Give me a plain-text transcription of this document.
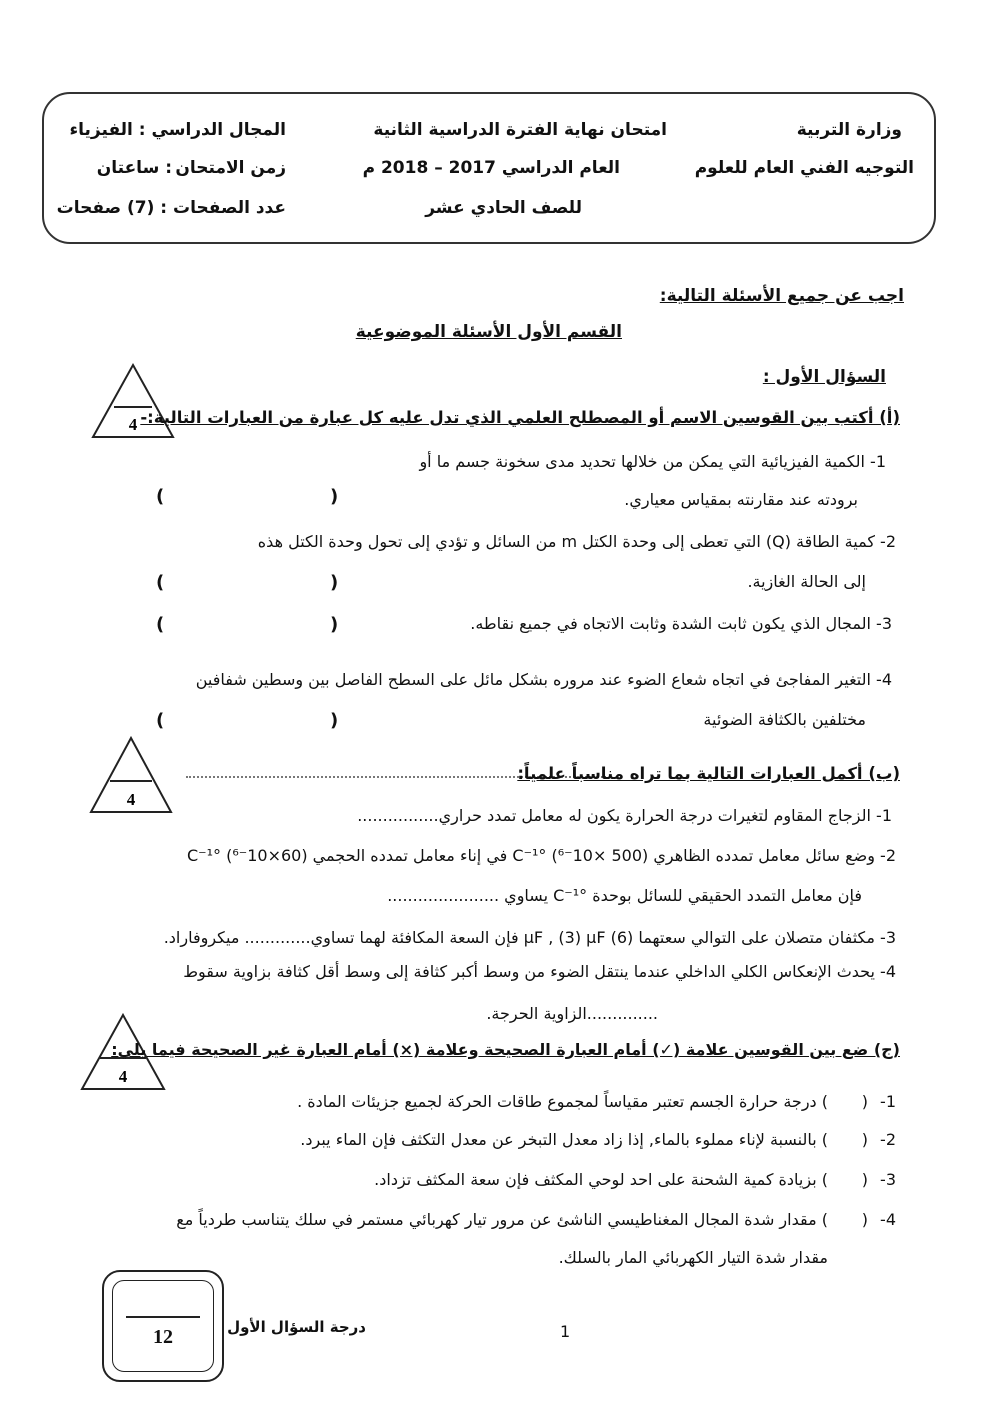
وزارة التربية
التوجيه الفني العام للعلوم
امتحان نهاية الفترة الدراسية الثانية
العام الدراسي 2017 – 2018 م
للصف الحادي عشر
المجال الدراسي : الفيزياء
زمن الامتحان
: ساعتان
عدد الصفحات : (7) صفحات
اجب عن جميع الأسئلة التالية:
القسم الأول الأسئلة الموضوعية
السؤال الأول :
4 (أ) أكتب بين القوسين الاسم أو المصطلح العلمي الذي تدل عليه كل عبارة من العبارات التالية:-
1- الكمية الفيزيائية التي يمكن من خلالها تحديد مدى سخونة جسم ما أو
برودته عند مقارنته بمقياس معياري.
)	(
2- كمية الطاقة (Q) التي تعطى إلى وحدة الكتل m من السائل و تؤدي إلى تحول وحدة الكتل هذه
إلى الحالة الغازية.
)	(
3- المجال الذي يكون ثابت الشدة وثابت الاتجاه في جميع نقاطه.
)	(
4- التغير المفاجئ في اتجاه شعاع الضوء عند مروره بشكل مائل على السطح الفاصل بين وسطين شفافين
مختلفين بالكثافة الضوئية
)	(
4
(ب) أكمل العبارات التالية بما تراه مناسباً علمياً:
1- الزجاج المقاوم لتغيرات درجة الحرارة يكون له معامل تمدد حراري................
2- وضع سائل معامل تمدده الظاهري (500 ×10⁻⁶) °C⁻¹ في إناء معامل تمدده الحجمي (60×10⁻⁶) °C⁻¹
فإن معامل التمدد الحقيقي للسائل بوحدة °C⁻¹ يساوي ......................
3- مكثفان متصلان على التوالي سعتهما (6) µF , (3) µF فإن السعة المكافئة لهما تساوي............. ميكروفاراد.
4- يحدث الإنعكاس الكلي الداخلي عندما ينتقل الضوء من وسط أكبر كثافة إلى وسط أقل كثافة بزاوية سقوط
..............الزاوية الحرجة.
4
(ج) ضع بين القوسين علامة (✓) أمام العبارة الصحيحة وعلامة (×) أمام العبارة غير الصحيحة فيما يلي:
1-
(
) درجة حرارة الجسم تعتبر مقياساً لمجموع طاقات الحركة لجميع جزيئات المادة .
2-
(
) بالنسبة لإناء مملوء بالماء, إذا زاد معدل التبخر عن معدل التكثف فإن الماء يبرد.
3-
(
) بزيادة كمية الشحنة على احد لوحي المكثف فإن سعة المكثف تزداد.
4-
(
) مقدار شدة المجال المغناطيسي الناشئ عن مرور تيار كهربائي مستمر في سلك يتناسب طردياً مع
مقدار شدة التيار الكهربائي المار بالسلك.
12	درجة السؤال الأول	1
